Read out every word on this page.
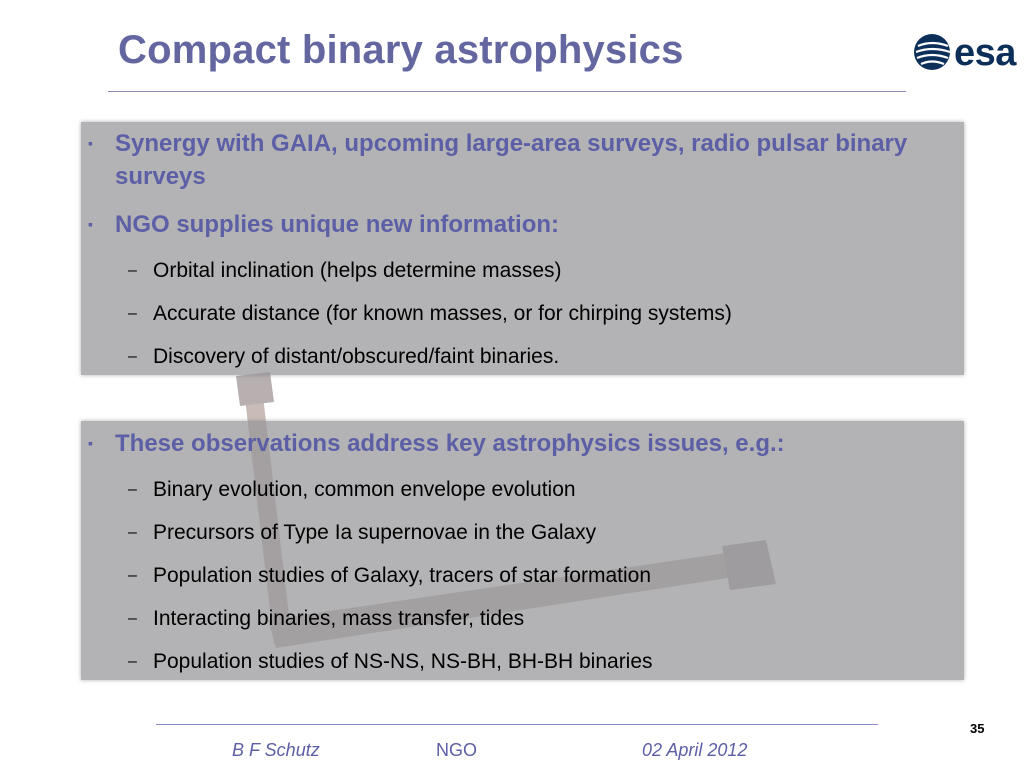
Compact binary astrophysics	esa
▪ Synergy with GAIA, upcoming large-area surveys, radio pulsar binary surveys
▪ NGO supplies unique new information:
– Orbital inclination (helps determine masses)
– Accurate distance (for known masses, or for chirping systems)
– Discovery of distant/obscured/faint binaries.
▪ These observations address key astrophysics issues, e.g.:
– Binary evolution, common envelope evolution
– Precursors of Type Ia supernovae in the Galaxy
– Population studies of Galaxy, tracers of star formation
– Interacting binaries, mass transfer, tides
– Population studies of NS-NS, NS-BH, BH-BH binaries
35
B F Schutz	NGO	02 April 2012
